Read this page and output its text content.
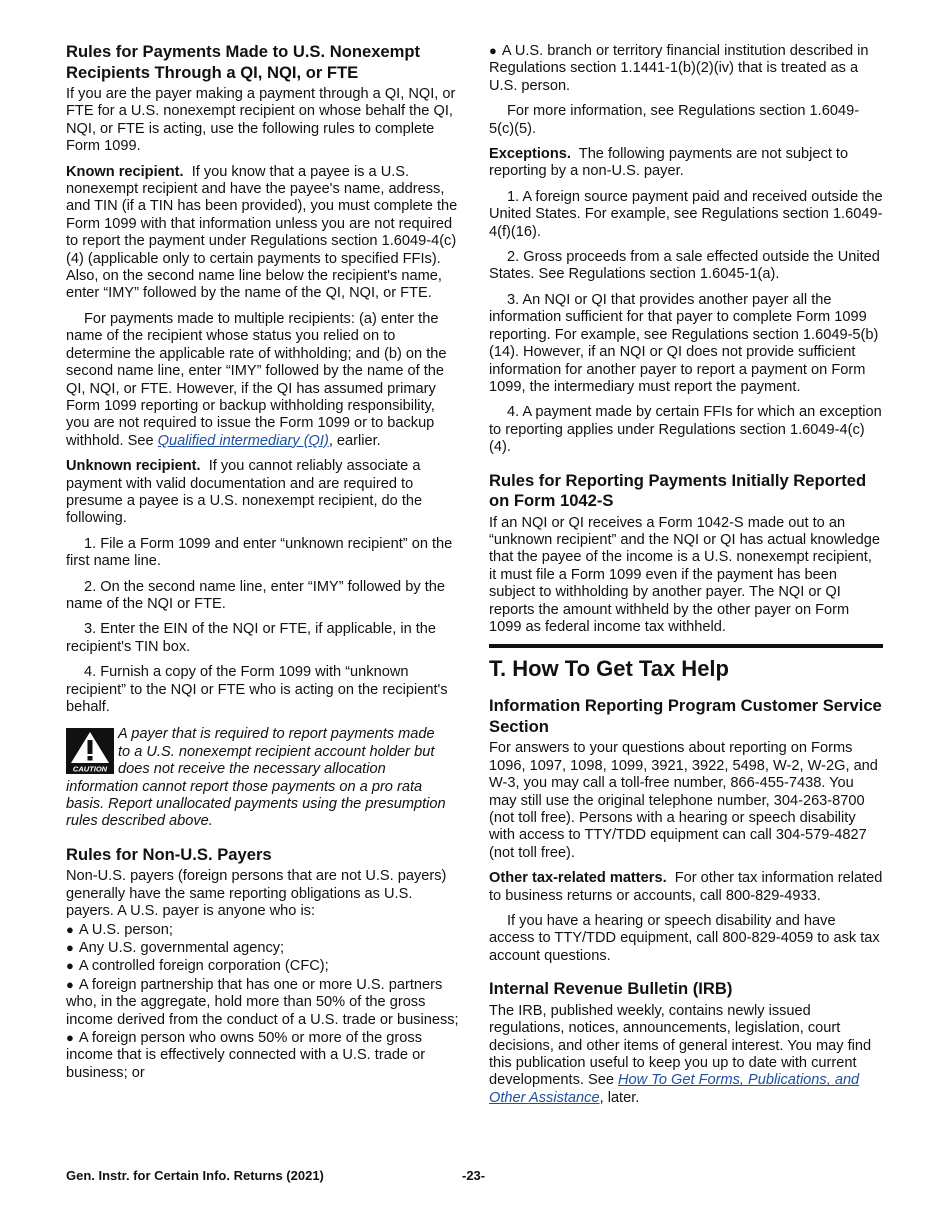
Rules for Payments Made to U.S. Nonexempt Recipients Through a QI, NQI, or FTE

If you are the payer making a payment through a QI, NQI, or FTE for a U.S. nonexempt recipient on whose behalf the QI, NQI, or FTE is acting, use the following rules to complete Form 1099.

Known recipient. If you know that a payee is a U.S. nonexempt recipient and have the payee's name, address, and TIN (if a TIN has been provided), you must complete the Form 1099 with that information unless you are not required to report the payment under Regulations section 1.6049-4(c)(4) (applicable only to certain payments to specified FFIs). Also, on the second name line below the recipient's name, enter “IMY” followed by the name of the QI, NQI, or FTE.

For payments made to multiple recipients: (a) enter the name of the recipient whose status you relied on to determine the applicable rate of withholding; and (b) on the second name line, enter “IMY” followed by the name of the QI, NQI, or FTE. However, if the QI has assumed primary Form 1099 reporting or backup withholding responsibility, you are not required to issue the Form 1099 or to backup withhold. See Qualified intermediary (QI), earlier.

Unknown recipient. If you cannot reliably associate a payment with valid documentation and are required to presume a payee is a U.S. nonexempt recipient, do the following.

1. File a Form 1099 and enter “unknown recipient” on the first name line.

2. On the second name line, enter “IMY” followed by the name of the NQI or FTE.

3. Enter the EIN of the NQI or FTE, if applicable, in the recipient's TIN box.

4. Furnish a copy of the Form 1099 with “unknown recipient” to the NQI or FTE who is acting on the recipient's behalf.

CAUTION
A payer that is required to report payments made
to a U.S. nonexempt recipient account holder but
does not receive the necessary allocation
information cannot report those payments on a pro rata basis. Report unallocated payments using the presumption rules described above.
Rules for Non-U.S. Payers

Non-U.S. payers (foreign persons that are not U.S. payers) generally have the same reporting obligations as U.S. payers. A U.S. payer is anyone who is:

● A U.S. person;
● Any U.S. governmental agency;
● A controlled foreign corporation (CFC);
● A foreign partnership that has one or more U.S. partners who, in the aggregate, hold more than 50% of the gross income derived from the conduct of a U.S. trade or business;
● A foreign person who owns 50% or more of the gross income that is effectively connected with a U.S. trade or business; or

● A U.S. branch or territory financial institution described in Regulations section 1.1441-1(b)(2)(iv) that is treated as a U.S. person.

For more information, see Regulations section 1.6049-5(c)(5).

Exceptions. The following payments are not subject to reporting by a non-U.S. payer.

1. A foreign source payment paid and received outside the United States. For example, see Regulations section 1.6049-4(f)(16).

2. Gross proceeds from a sale effected outside the United States. See Regulations section 1.6045-1(a).

3. An NQI or QI that provides another payer all the information sufficient for that payer to complete Form 1099 reporting. For example, see Regulations section 1.6049-5(b)(14). However, if an NQI or QI does not provide sufficient information for another payer to report a payment on Form 1099, the intermediary must report the payment.

4. A payment made by certain FFIs for which an exception to reporting applies under Regulations section 1.6049-4(c)(4).

Rules for Reporting Payments Initially Reported on Form 1042-S

If an NQI or QI receives a Form 1042-S made out to an “unknown recipient” and the NQI or QI has actual knowledge that the payee of the income is a U.S. nonexempt recipient, it must file a Form 1099 even if the payment has been subject to withholding by another payer. The NQI or QI reports the amount withheld by the other payer on Form 1099 as federal income tax withheld.

T. How To Get Tax Help
Information Reporting Program Customer Service Section

For answers to your questions about reporting on Forms 1096, 1097, 1098, 1099, 3921, 3922, 5498, W-2, W-2G, and W-3, you may call a toll-free number, 866-455-7438. You may still use the original telephone number, 304-263-8700 (not toll free). Persons with a hearing or speech disability with access to TTY/TDD equipment can call 304-579-4827 (not toll free).

Other tax-related matters. For other tax information related to business returns or accounts, call 800-829-4933.

If you have a hearing or speech disability and have access to TTY/TDD equipment, call 800-829-4059 to ask tax account questions.

Internal Revenue Bulletin (IRB)

The IRB, published weekly, contains newly issued regulations, notices, announcements, legislation, court decisions, and other items of general interest. You may find this publication useful to keep you up to date with current developments. See How To Get Forms, Publications, and Other Assistance, later.

Gen. Instr. for Certain Info. Returns (2021)	-23-
